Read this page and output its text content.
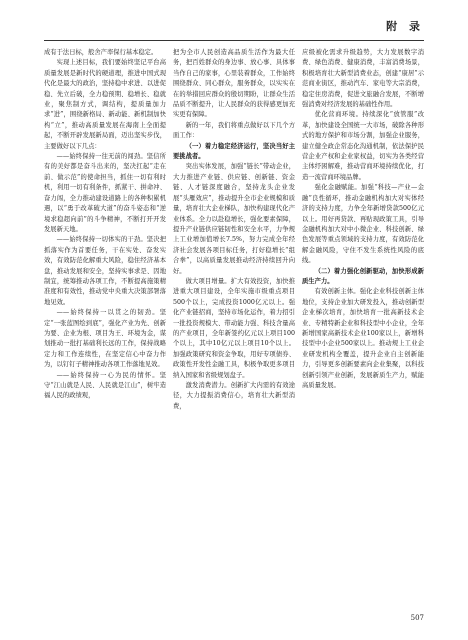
附 录

成有于法日标，般舍产率保行基本稳定。

实现上述目标，我们要始终坚记平台高质量发展是新时代的硬道理，推进中国式现代化是最大的政治，坚持稳中求进、以进促稳、先立后破，全力稳预期、稳增长、稳就业，聚焦制方式，调结构，提质量加力求“进”，围绕新格局、新动能、新机制加快构“立”，推动高质量发展在海南上全面提起，不断开辟发展新局面，迈出坚实步伐，主要做好以下几点：

——始终保持一往无前的闯劲。坚信所有的美好都是奋斗出来的，坚决扛起“走在前、做示范”的使命担当，抓住一切有利时机，利用一切有利条件，抓紧干、拼命冲、奋力闯，全力推动建设道路上的各种积累机遇，以“勇于改革破大道”的奋斗姿态和“逆境求稳超向前”的斗争精神，不断打开开发发展新天地。

——始终保持一切体实的干劲。坚决把抓落实作为首要任务，干在实处、奋发实效，有效防范化解重大风险，稳住经济基本盘，推动发展和安全，坚持实事求是、因地制宜，统筹推动各项工作，不断提高施策精准度和有效性，推动党中央重大决策部署落地见效。

——始终保持一以贯之的韧劲。坚定“一张蓝图绘到底”，强化产业为先、创新为要、企业为根、项目为王、环境为金，谋划推动一批打基础利长远的工作，保持战略定力和工作连续性，在坚定信心中奋力作为，以钉钉子精神推动各项工作落地见效。

——始终保持一心为民的情怀。坚守“江山就是人民、人民就是江山”，树牢造福人民的政绩观，

把为全市人民创造高品质生活作为最大任务，把百姓群众的身边事、放心事、具体事当作自己的家事，心里装着群众，工作始终围绕群众、同心群众，服务群众，以实实在在的举措回应群众的殷切期盼，让群众生活品质不断提升，让人民群众的获得感更加充实更有保障。

新的一年，我们将重点做好以下几个方面工作：

（一）着力稳定经济运行，坚决当好主要挑战者。

突出实体发展，加强“链长”带动企业，大力推进产业链、供应链、创新链、资金链、人才链深度融合，坚持龙头企业发展“头雁效应”，推动提升全市企业规模和质量，培育壮大企业梯队，加快构建现代化产业体系。全力以赴稳增长，强化要素保障，提升产业链供应链韧性和安全水平，力争规上工业增加值增长7.5%，努力完成全年经济社会发展各项目标任务，打好稳增长“组合拳”，以高质量发展推动经济持续回升向好。

做大项目增量。扩大有效投资，加快推进重大项目建设，全年实施市级重点项目500个以上，完成投资1000亿元以上。强化产业链招商，坚持市场化运作，着力招引一批投资规模大、带动能力强、科技含量高的产业项目，全年新签约亿元以上项目100个以上，其中10亿元以上项目10个以上。加强政策研究和资金争取，用好专项债券、政策性开发性金融工具，积极争取更多项目纳入国家和省级规划盘子。

激发消费潜力。创新扩大内需的有效途径，大力提振消费信心，培育壮大新型消费，

应级被化需求升级趋势，大力发展数字消费、绿色消费、健康消费，丰富消费场景，积极培育壮大新型消费业态，创建“康居”示范商业街区，推动汽车、家电等大宗消费，稳定住房消费，促进文旅融合发展，不断增强消费对经济发展的基础性作用。

优化营商环境。持续深化“放管服”改革，加快建设全国统一大市场，破除各种形式的地方保护和市场分割，加强企业服务，建立健全政企常态化沟通机制，依法保护民营企业产权和企业家权益，切实为各类经营主体纾困解难，推动营商环境持续优化，打造一流营商环境品牌。

强化金融赋能。加强“科技—产业—金融”良性循环，推动金融机构加大对实体经济的支持力度，力争全年新增贷款500亿元以上。用好再贷款、再贴现政策工具，引导金融机构加大对中小微企业、科技创新、绿色发展等重点领域的支持力度，有效防范化解金融风险，守住不发生系统性风险的底线。

（二）着力强化创新驱动，加快形成新质生产力。

有效创新主体。强化企业科技创新主体地位，支持企业加大研发投入，推动创新型企业梯次培育，加快培育一批高新技术企业、专精特新企业和科技型中小企业，全年新增国家高新技术企业100家以上，新增科技型中小企业500家以上。推动规上工业企业研发机构全覆盖，提升企业自主创新能力，引导更多创新要素向企业集聚，以科技创新引领产业创新，发展新质生产力，赋能高质量发展。

507
